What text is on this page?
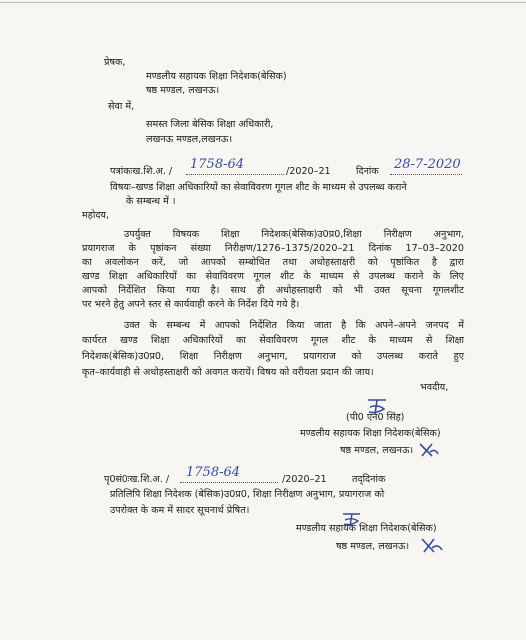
प्रेषक,
मण्डलीय सहायक शिक्षा निदेशक(बेसिक)
षष्ठ मण्डल, लखनऊ।
सेवा में,
समस्त जिला बेसिक शिक्षा अधिकारी,
लखनऊ मण्डल,लखनऊ।
पत्रांकःख.शि.अ. / 1758-64	/2020–21	दिनांक 28-7-2020
विषयः–खण्ड शिक्षा अधिकारियों का सेवाविवरण गूगल शीट के माध्यम से उपलब्ध कराने
के सम्बन्ध में ।
महोदय,
उपर्युक्त विषयक शिक्षा निदेशक(बेसिक)उ0प्र0,शिक्षा निरीक्षण अनुभाग,
प्रयागराज के पृष्ठांकन संख्या निरीक्षण/1276–1375/2020–21 दिनांक 17–03–2020
का अवलोकन करें, जो आपको सम्बोधित तथा अधोहस्ताक्षरी को पृष्ठांकित है द्वारा
खण्ड शिक्षा अधिकारियों का सेवाविवरण गूगल शीट के माध्यम से उपलब्ध कराने के लिए
आपको निर्देशित किया गया है। साथ ही अधोहस्ताक्षरी को भी उक्त सूचना गूगलशीट
पर भरने हेतु अपने स्तर से कार्यवाही करने के निर्देश दिये गये है।
उक्त के सम्बन्ध में आपको निर्देशित किया जाता है कि अपने–अपने जनपद में
कार्यरत खण्ड शिक्षा अधिकारियों का सेवाविवरण गूगल शीट के माध्यम से शिक्षा
निदेशक(बेसिक)उ0प्र0, शिक्षा निरीक्षण अनुभाग, प्रयागराज को उपलब्ध कराते हुए
कृत–कार्यवाही से अधोहस्ताक्षरी को अवगत करायें। विषय को वरीयता प्रदान की जाय।
भवदीय,
(पी0 एन0 सिंह)
मण्डलीय सहायक शिक्षा निदेशक(बेसिक)
षष्ठ मण्डल, लखनऊ।
पृ0सं0ःख.शि.अ. / 1758-64	/2020–21	तद्‌दिनांक
प्रतिलिपि शिक्षा निदेशक (बेसिक)उ0प्र0, शिक्षा निरीक्षण अनुभाग, प्रयागराज को
उपरोक्त के कम में सादर सूचनार्थ प्रेषित।
मण्डलीय सहायक शिक्षा निदेशक(बेसिक)
षष्ठ मण्डल, लखनऊ।
